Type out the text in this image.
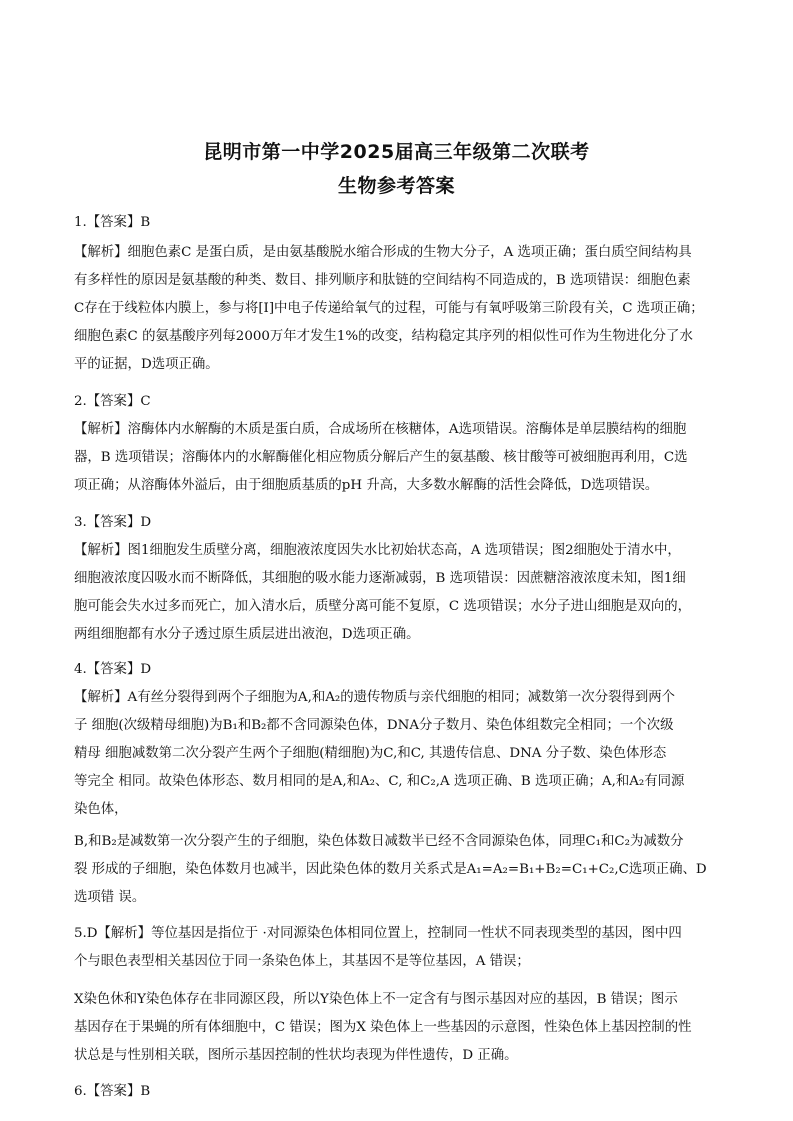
昆明市第一中学2025届高三年级第二次联考
生物参考答案
1.【答案】B
【解析】细胞色素C 是蛋白质，是由氨基酸脱水缩合形成的生物大分子，A 选项正确；蛋白质空间结构具
有多样性的原因是氨基酸的种类、数目、排列顺序和肽链的空间结构不同造成的，B 选项错误：细胞色素
C存在于线粒体内膜上，参与将[I]中电子传递给氧气的过程，可能与有氧呼吸第三阶段有关，C 选项正确；
细胞色素C 的氨基酸序列每2000万年才发生1%的改变，结构稳定其序列的相似性可作为生物进化分了水
平的证据，D选项正确。
2.【答案】C
【解析】溶酶体内水解酶的木质是蛋白质，合成场所在核糖体，A选项错误。溶酶体是单层膜结构的细胞
器，B 选项错误；溶酶体内的水解酶催化相应物质分解后产生的氨基酸、核甘酸等可被细胞再利用，C选
项正确；从溶酶体外溢后，由于细胞质基质的pH 升高，大多数水解酶的活性会降低，D选项错误。
3.【答案】D
【解析】图1细胞发生质壁分离，细胞液浓度因失水比初始状态高，A 选项错误；图2细胞处于清水中，
细胞液浓度囚吸水而不断降低，其细胞的吸水能力逐渐减弱，B 选项错误：因蔗糖溶液浓度未知，图1细
胞可能会失水过多而死亡，加入清水后，质壁分离可能不复原，C 选项错误；水分子进山细胞是双向的，
两组细胞都有水分子透过原生质层进出液泡，D选项正确。
4.【答案】D
【解析】A有丝分裂得到两个子细胞为A,和A₂的遗传物质与亲代细胞的相同；减数第一次分裂得到两个
子 细胞(次级精母细胞)为B₁和B₂都不含同源染色体，DNA分子数月、染色体组数完全相同；一个次级
精母 细胞减数第二次分裂产生两个子细胞(精细胞)为C,和C, 其遗传信息、DNA 分子数、染色体形态
等完全 相同。故染色体形态、数月相同的是A,和A₂、C, 和C₂,A 选项正确、B 选项正确；A,和A₂有同源
染色体，
B,和B₂是减数第一次分裂产生的子细胞，染色体数日减数半已经不含同源染色体，同理C₁和C₂为减数分
裂 形成的子细胞，染色体数月也减半，因此染色体的数月关系式是A₁=A₂=B₁+B₂=C₁+C₂,C选项正确、D
选项错 误。
5.D【解析】等位基因是指位于 ·对同源染色体相同位置上，控制同一性状不同表现类型的基因，图中四
个与眼色表型相关基因位于同一条染色体上，其基因不是等位基因，A 错误；
X染色休和Y染色体存在非同源区段，所以Y染色体上不一定含有与图示基因对应的基因，B 错误；图示
基因存在于果蝇的所有体细胞中，C 错误；图为X 染色体上一些基因的示意图，性染色体上基因控制的性
状总是与性别相关联，图所示基因控制的性状均表现为伴性遗传，D 正确。
6.【答案】B
